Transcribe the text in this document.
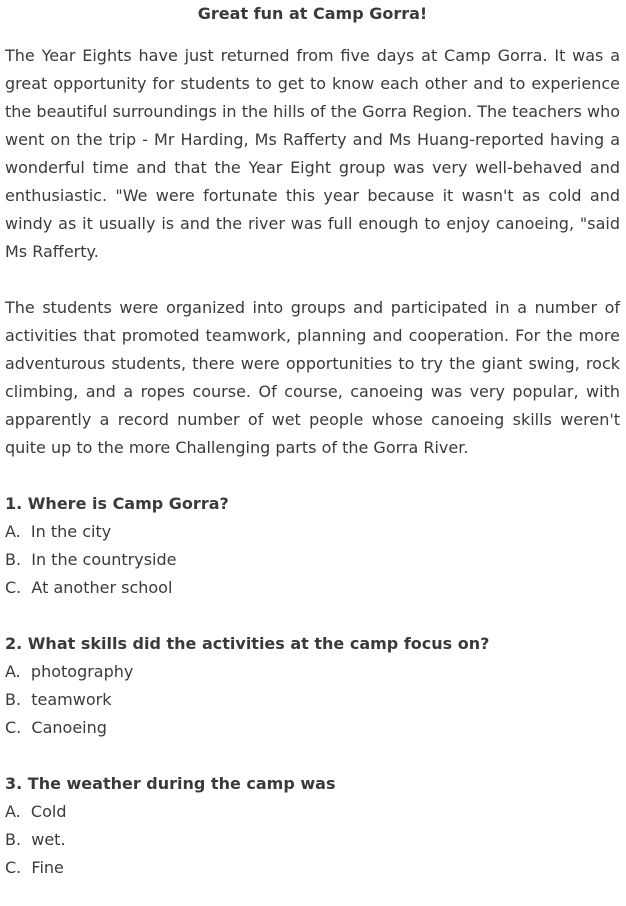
Great fun at Camp Gorra!

The Year Eights have just returned from five days at Camp Gorra. It was a great opportunity for students to get to know each other and to experience the beautiful surroundings in the hills of the Gorra Region. The teachers who went on the trip - Mr Harding, Ms Rafferty and Ms Huang-reported having a wonderful time and that the Year Eight group was very well-behaved and enthusiastic. "We were fortunate this year because it wasn't as cold and windy as it usually is and the river was full enough to enjoy canoeing, "said Ms Rafferty.

The students were organized into groups and participated in a number of activities that promoted teamwork, planning and cooperation. For the more adventurous students, there were opportunities to try the giant swing, rock climbing, and a ropes course. Of course, canoeing was very popular, with apparently a record number of wet people whose canoeing skills weren't quite up to the more Challenging parts of the Gorra River.

1. Where is Camp Gorra?
A.  In the city
B.  In the countryside
C.  At another school
2. What skills did the activities at the camp focus on?
A.  photography
B.  teamwork
C.  Canoeing
3. The weather during the camp was
A.  Cold
B.  wet.
C.  Fine
